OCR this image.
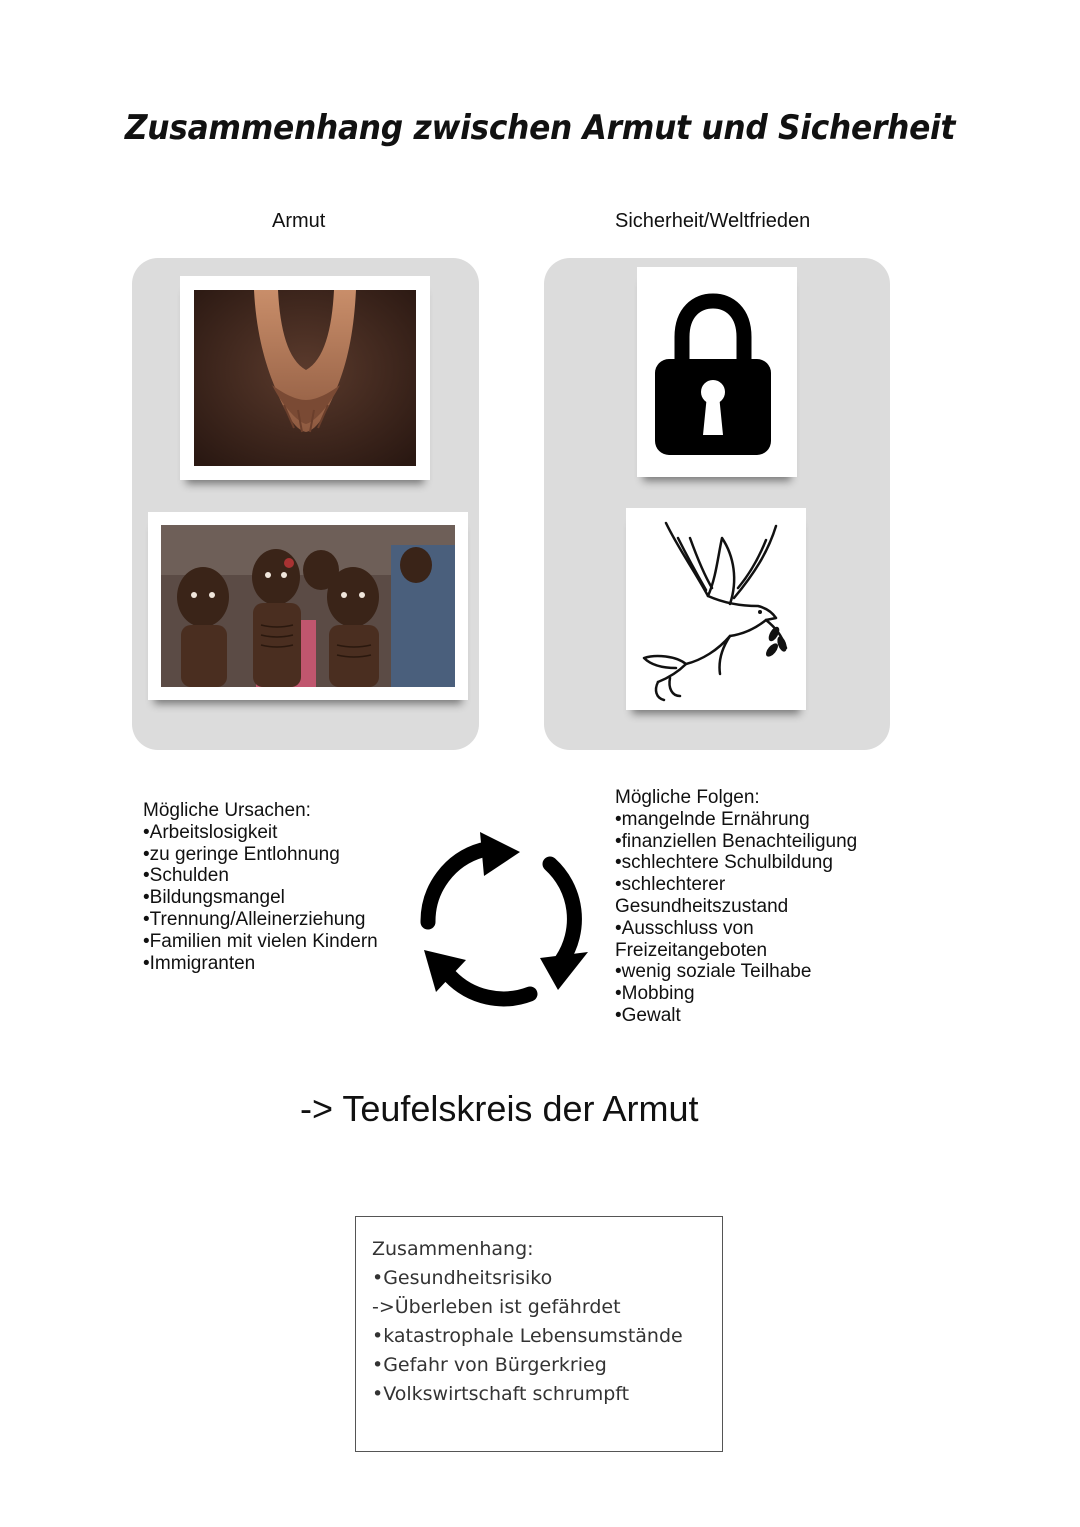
Zusammenhang zwischen Armut und Sicherheit
Armut	Sicherheit/Weltfrieden
Mögliche Ursachen:
•Arbeitslosigkeit
•zu geringe Entlohnung
•Schulden
•Bildungsmangel
•Trennung/Alleinerziehung
•Familien mit vielen Kindern
•Immigranten
Mögliche Folgen:
•mangelnde Ernährung
•finanziellen Benachteiligung
•schlechtere Schulbildung
•schlechterer
Gesundheitszustand
•Ausschluss von
Freizeitangeboten
•wenig soziale Teilhabe
•Mobbing
•Gewalt
-> Teufelskreis der Armut
Zusammenhang:
•Gesundheitsrisiko
->Überleben ist gefährdet
•katastrophale Lebensumstände
•Gefahr von Bürgerkrieg
•Volkswirtschaft schrumpft
